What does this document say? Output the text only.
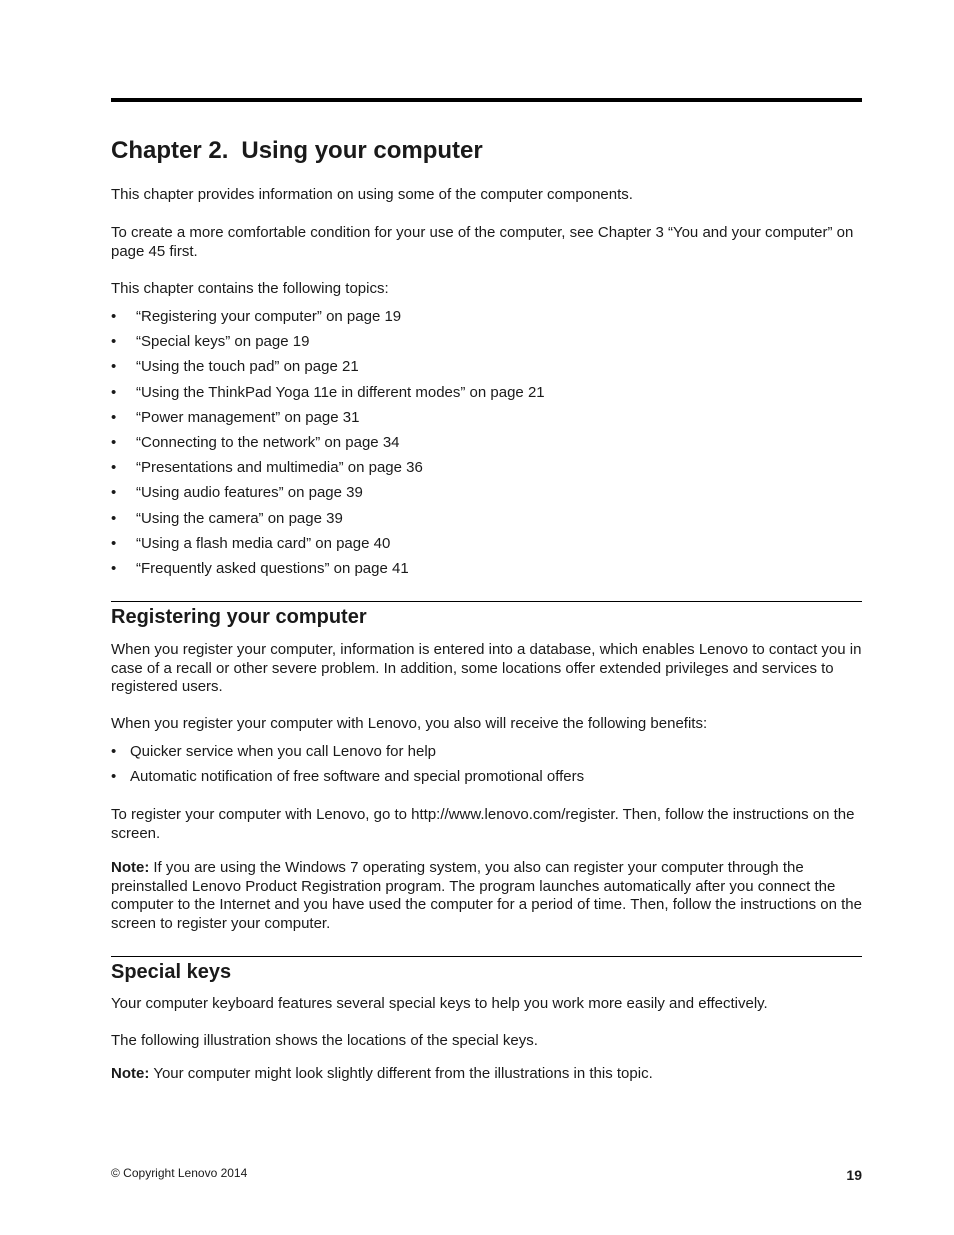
Chapter 2. Using your computer

This chapter provides information on using some of the computer components.

To create a more comfortable condition for your use of the computer, see Chapter 3 “You and your computer” on page 45 first.

This chapter contains the following topics:

• “Registering your computer” on page 19
• “Special keys” on page 19
• “Using the touch pad” on page 21
• “Using the ThinkPad Yoga 11e in different modes” on page 21
• “Power management” on page 31
• “Connecting to the network” on page 34
• “Presentations and multimedia” on page 36
• “Using audio features” on page 39
• “Using the camera” on page 39
• “Using a flash media card” on page 40
• “Frequently asked questions” on page 41
Registering your computer

When you register your computer, information is entered into a database, which enables Lenovo to contact you in case of a recall or other severe problem. In addition, some locations offer extended privileges and services to registered users.

When you register your computer with Lenovo, you also will receive the following benefits:

• Quicker service when you call Lenovo for help
• Automatic notification of free software and special promotional offers

To register your computer with Lenovo, go to http://www.lenovo.com/register. Then, follow the instructions on the screen.

Note: If you are using the Windows 7 operating system, you also can register your computer through the preinstalled Lenovo Product Registration program. The program launches automatically after you connect the computer to the Internet and you have used the computer for a period of time. Then, follow the instructions on the screen to register your computer.

Special keys

Your computer keyboard features several special keys to help you work more easily and effectively.

The following illustration shows the locations of the special keys.

Note: Your computer might look slightly different from the illustrations in this topic.

© Copyright Lenovo 2014	19
